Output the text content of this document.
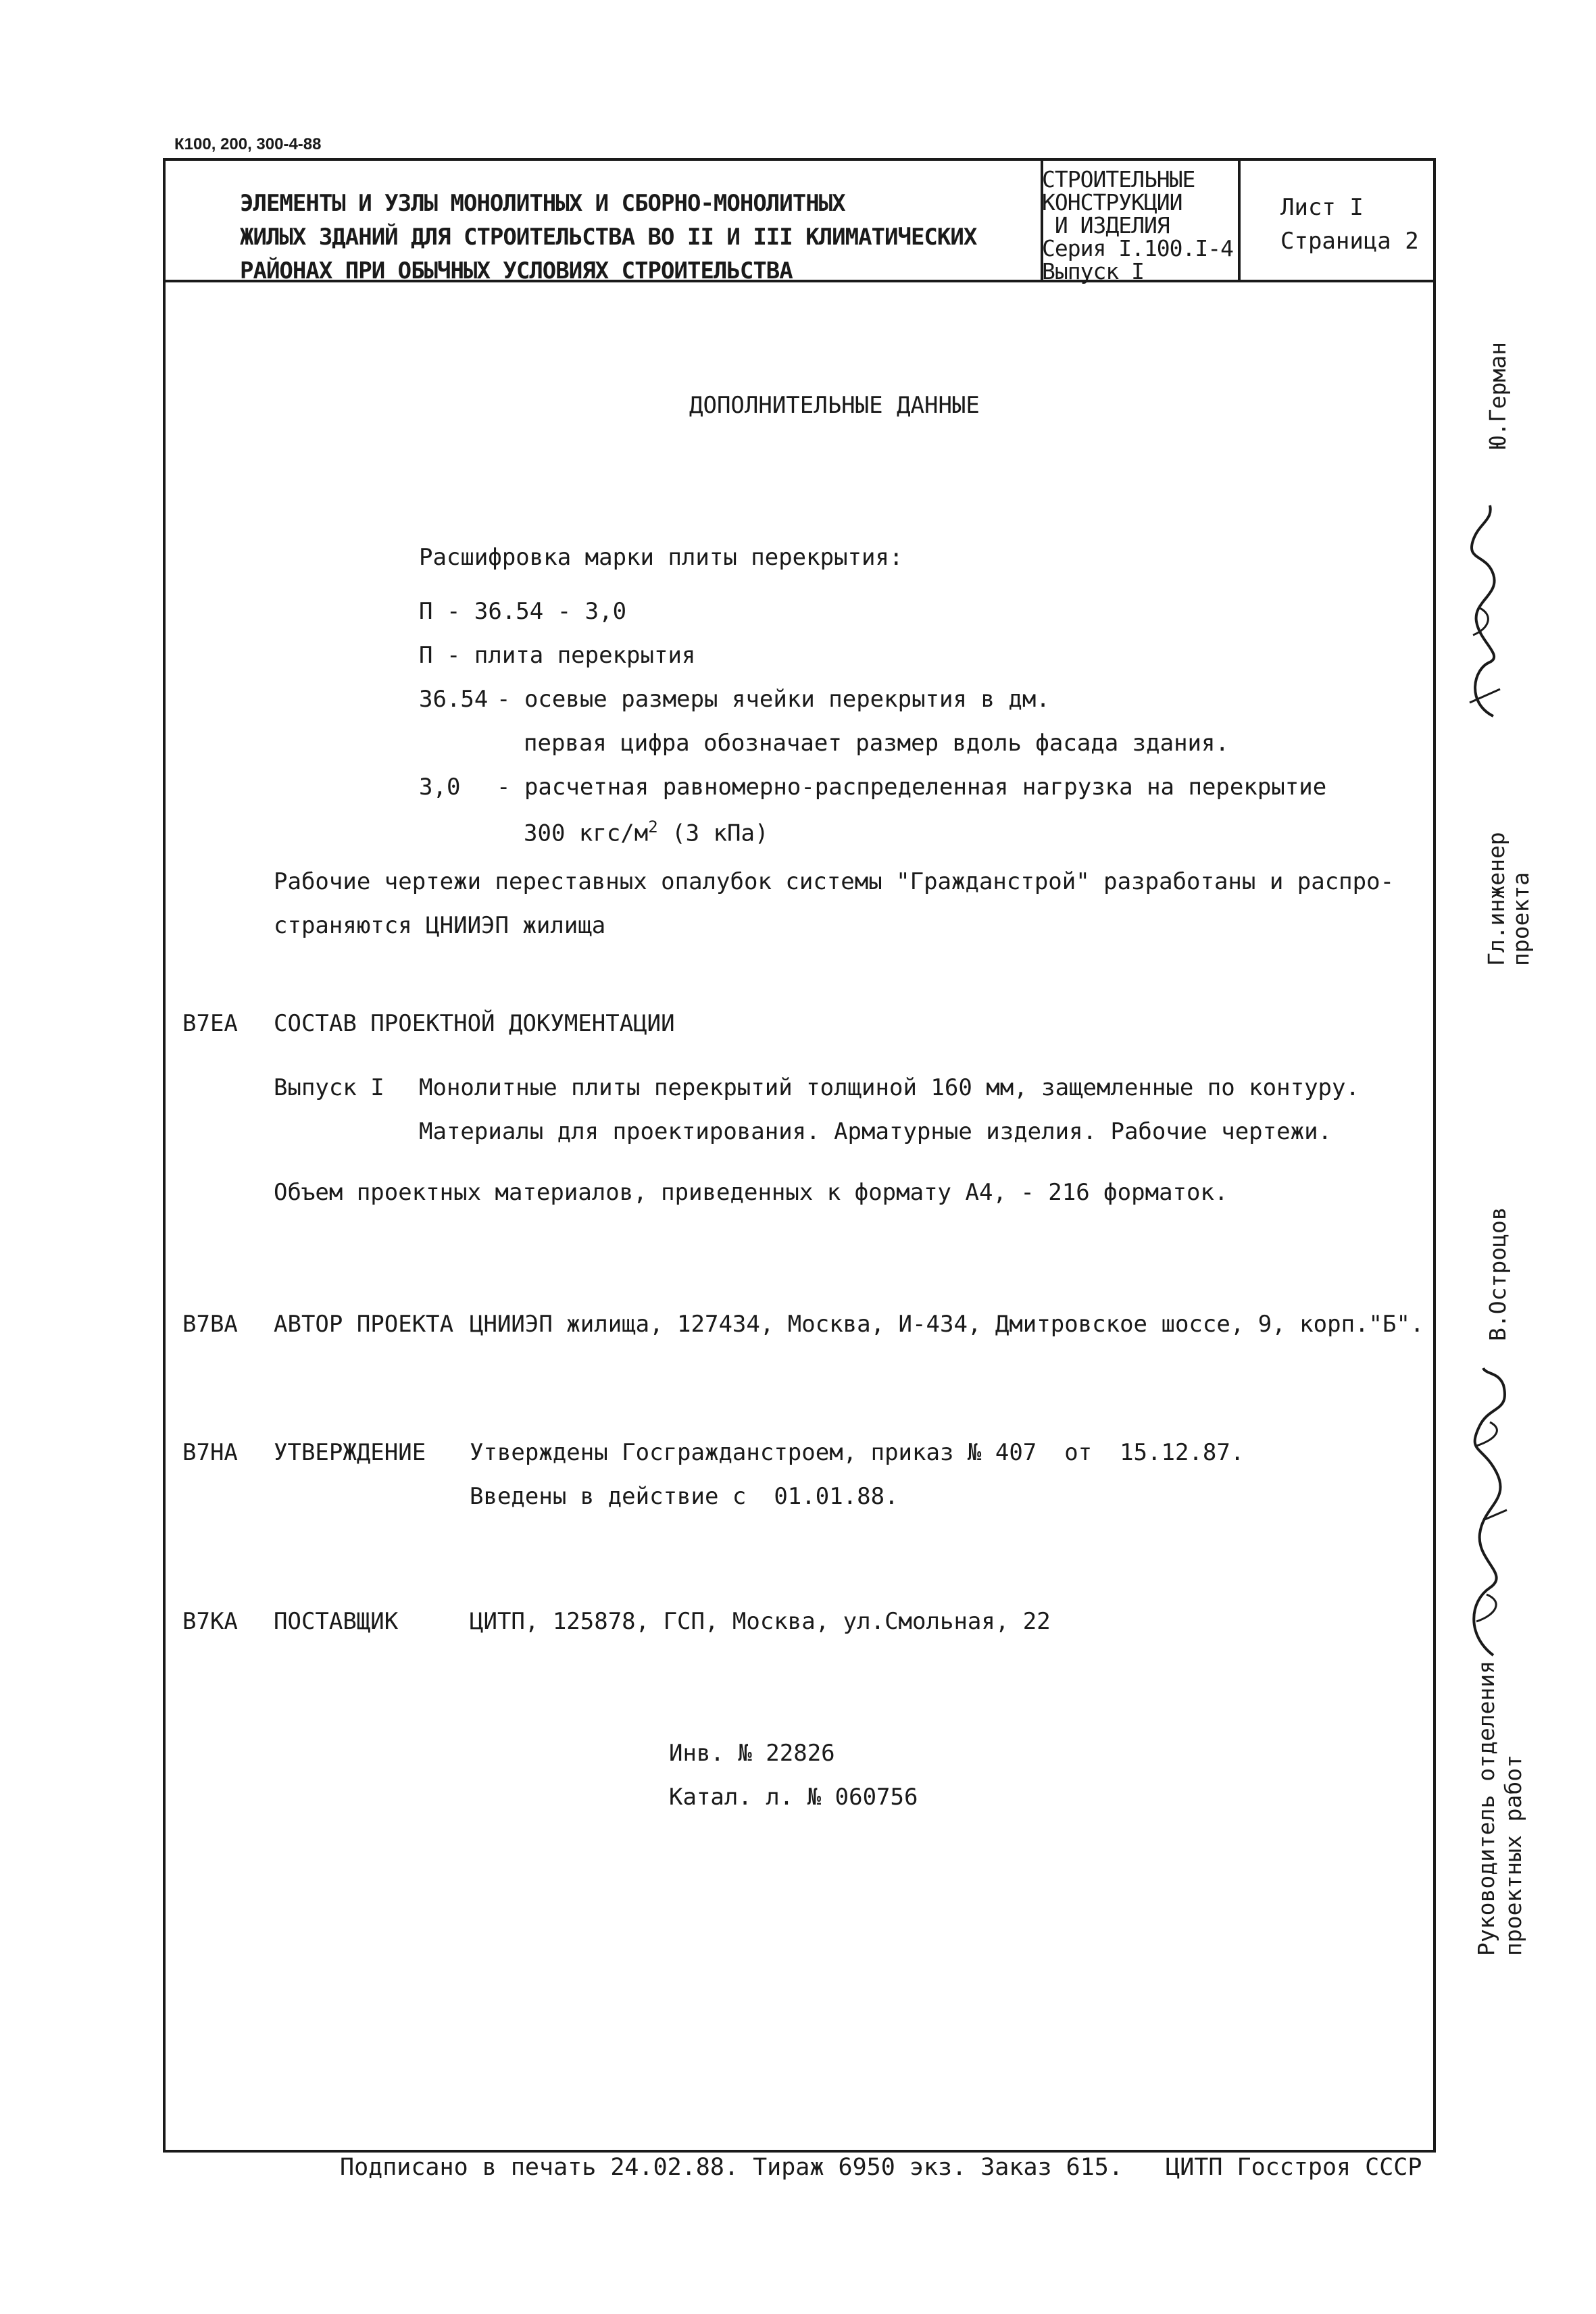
К100, 200, 300-4-88
ЭЛЕМЕНТЫ И УЗЛЫ МОНОЛИТНЫХ И СБОРНО-МОНОЛИТНЫХ
ЖИЛЫХ ЗДАНИЙ ДЛЯ СТРОИТЕЛЬСТВА ВО II И III КЛИМАТИЧЕСКИХ
РАЙОНАХ ПРИ ОБЫЧНЫХ УСЛОВИЯХ СТРОИТЕЛЬСТВА
СТРОИТЕЛЬНЫЕ
КОНСТРУКЦИИ
И ИЗДЕЛИЯ
Серия I.100.I-4
Выпуск I
Лист I
Страница 2
ДОПОЛНИТЕЛЬНЫЕ ДАННЫЕ
Расшифровка марки плиты перекрытия:
П - 36.54 - 3,0
П - плита перекрытия
36.54 - осевые размеры ячейки перекрытия в дм.
первая цифра обозначает размер вдоль фасада здания.
3,0 - расчетная равномерно-распределенная нагрузка на перекрытие
300 кгс/$м^2$ (3 кПа)
Рабочие чертежи переставных опалубок системы "Гражданстрой" разработаны и распро-
страняются ЦНИИЭП жилища
В7ЕА СОСТАВ ПРОЕКТНОЙ ДОКУМЕНТАЦИИ
Выпуск I Монолитные плиты перекрытий толщиной 160 мм, защемленные по контуру.
Материалы для проектирования. Арматурные изделия. Рабочие чертежи.
Объем проектных материалов, приведенных к формату А4, - 216 форматок.
В7ВА АВТОР ПРОЕКТА ЦНИИЭП жилища, 127434, Москва, И-434, Дмитровское шоссе, 9, корп."Б".
В7НА УТВЕРЖДЕНИЕ Утверждены Госгражданстроем, приказ № 407  от  15.12.87.
Введены в действие с  01.01.88.
В7КА ПОСТАВЩИК	ЦИТП, 125878, ГСП, Москва, ул.Смольная, 22
Инв. № 22826
Катал. л. № 060756
Ю.Герман
Гл.инженер
проекта
В.Остроцов
Руководитель отделения проектных работ
Подписано в печать 24.02.88. Тираж 6950 экз. Заказ 615.   ЦИТП Госстроя СССР
